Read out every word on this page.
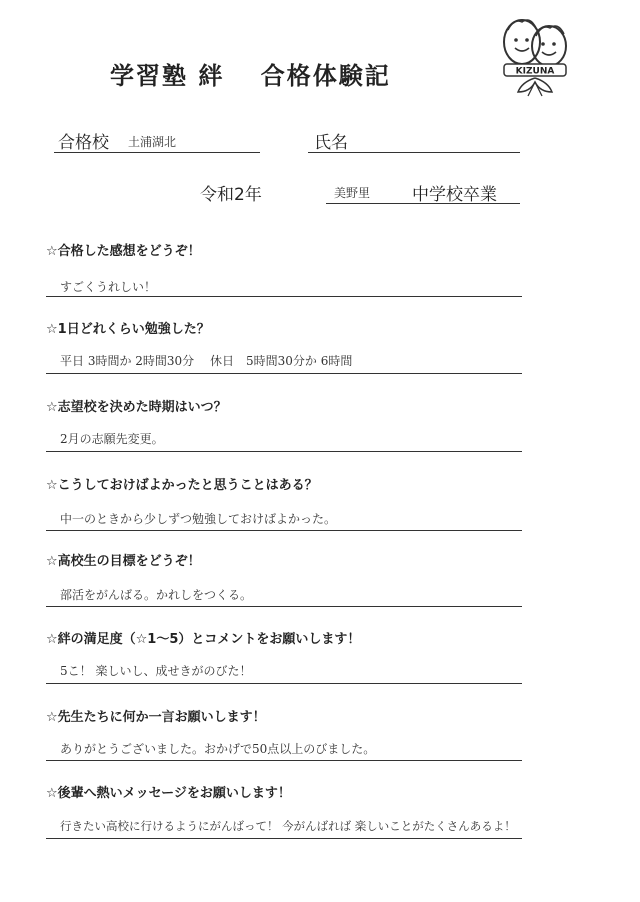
学習塾 絆 　合格体験記	KIZUNA
合格校 土浦湖北	氏名
令和2年	美野里 中学校卒業
☆合格した感想をどうぞ！
すごくうれしい！
☆1日どれくらい勉強した？
平日 3時間か 2時間30分　 休日　5時間30分か 6時間
☆志望校を決めた時期はいつ？
2月の志願先変更。
☆こうしておけばよかったと思うことはある？
中一のときから少しずつ勉強しておけばよかった。
☆高校生の目標をどうぞ！
部活をがんばる。かれしをつくる。
☆絆の満足度（☆1〜5）とコメントをお願いします！
5こ！ 楽しいし、成せきがのびた！
☆先生たちに何か一言お願いします！
ありがとうございました。おかげで50点以上のびました。
☆後輩へ熱いメッセージをお願いします！
行きたい高校に行けるようにがんばって！ 今がんばれば 楽しいことがたくさんあるよ！
